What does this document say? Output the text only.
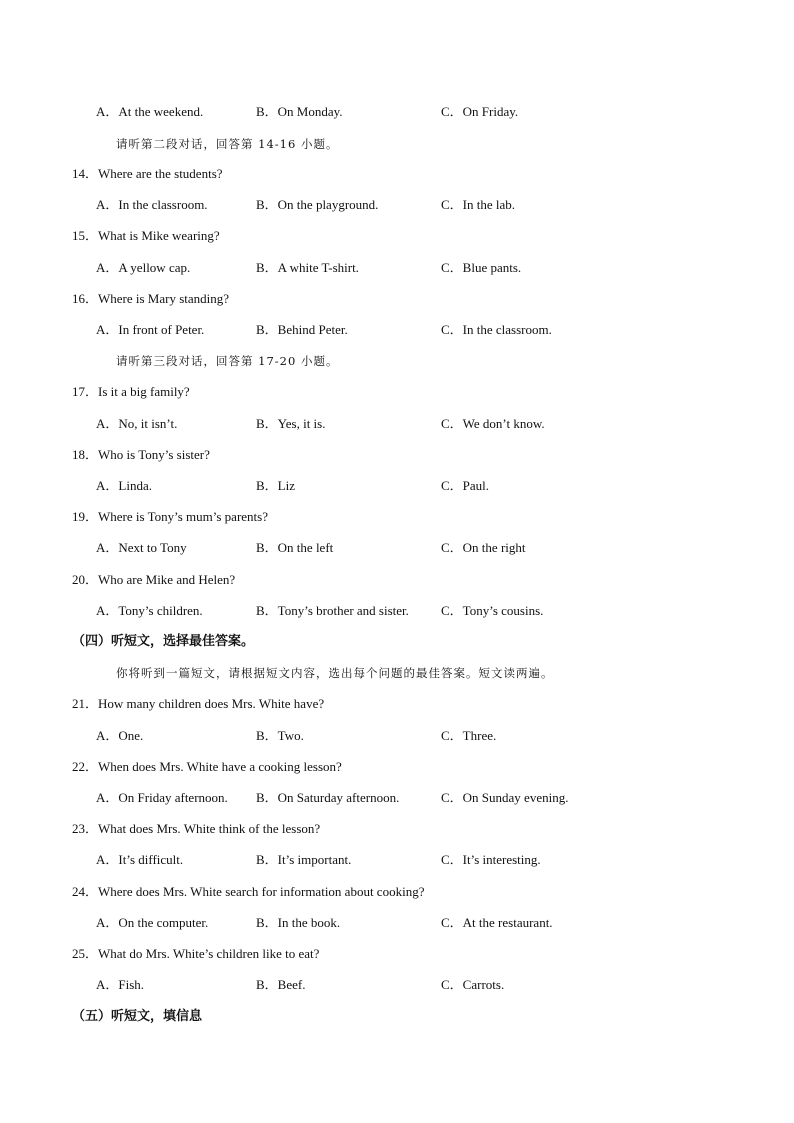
A．At the weekend.	B．On Monday.	C．On Friday.
请听第二段对话，回答第 14-16 小题。
14．Where are the students?
A．In the classroom.	B．On the playground.	C．In the lab.
15．What is Mike wearing?
A．A yellow cap.	B．A white T-shirt.	C．Blue pants.
16．Where is Mary standing?
A．In front of Peter.	B．Behind Peter.	C．In the classroom.
请听第三段对话，回答第 17-20 小题。
17．Is it a big family?
A．No, it isn’t.	B．Yes, it is.	C．We don’t know.
18．Who is Tony’s sister?
A．Linda.	B．Liz	C．Paul.
19．Where is Tony’s mum’s parents?
A．Next to Tony	B．On the left	C．On the right
20．Who are Mike and Helen?
A．Tony’s children.	B．Tony’s brother and sister. C．Tony’s cousins.
（四）听短文，选择最佳答案。
你将听到一篇短文，请根据短文内容，选出每个问题的最佳答案。短文读两遍。
21．How many children does Mrs. White have?
A．One.	B．Two.	C．Three.
22．When does Mrs. White have a cooking lesson?
A．On Friday afternoon. B．On Saturday afternoon.	C．On Sunday evening.
23．What does Mrs. White think of the lesson?
A．It’s difficult.	B．It’s important.	C．It’s interesting.
24．Where does Mrs. White search for information about cooking?
A．On the computer.	B．In the book.	C．At the restaurant.
25．What do Mrs. White’s children like to eat?
A．Fish.	B．Beef.	C．Carrots.
（五）听短文，填信息
